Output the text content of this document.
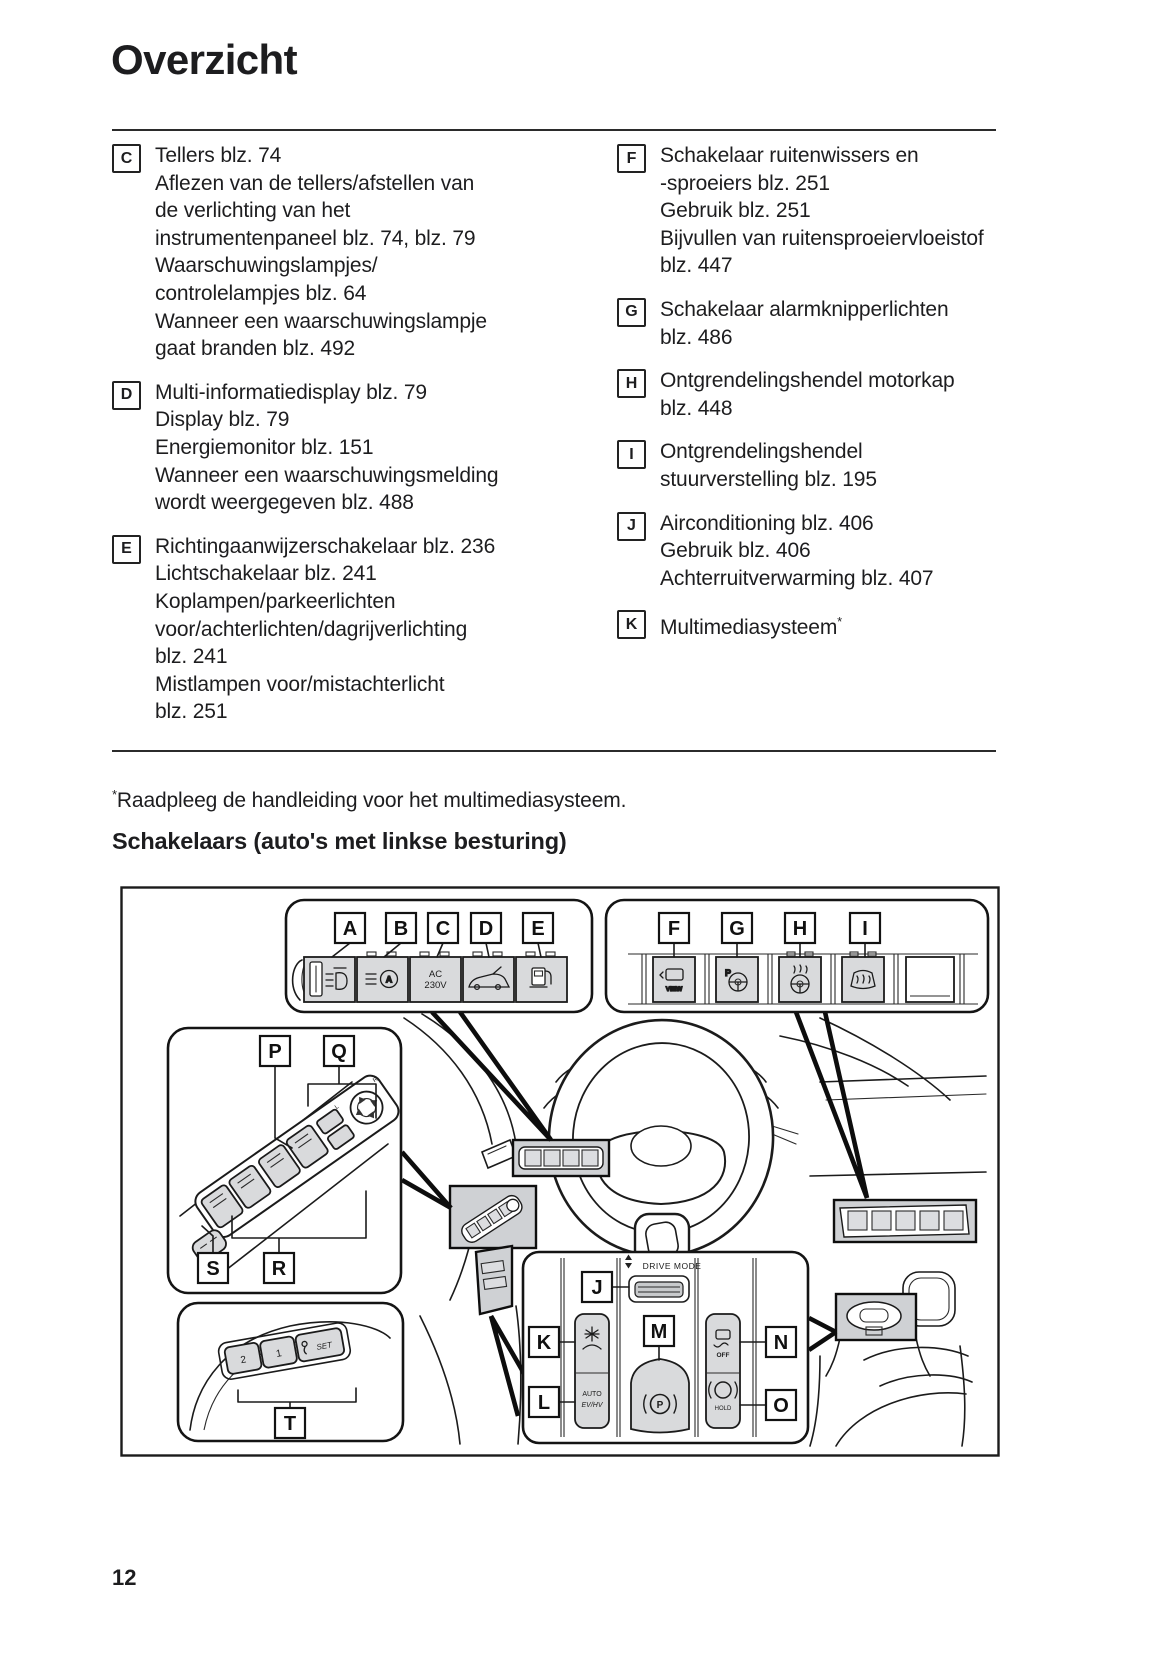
Overzicht
C	Tellers blz. 74
Aflezen van de tellers/afstellen van
de verlichting van het
instrumentenpaneel blz. 74, blz. 79
Waarschuwingslampjes/
controlelampjes blz. 64
Wanneer een waarschuwingslampje
gaat branden blz. 492
D	Multi-informatiedisplay blz. 79
Display blz. 79
Energiemonitor blz. 151
Wanneer een waarschuwingsmelding
wordt weergegeven blz. 488
E	Richtingaanwijzerschakelaar blz. 236
Lichtschakelaar blz. 241
Koplampen/parkeerlichten
voor/achterlichten/dagrijverlichting
blz. 241
Mistlampen voor/mistachterlicht
blz. 251
F	Schakelaar ruitenwissers en
-sproeiers blz. 251
Gebruik blz. 251
Bijvullen van ruitensproeiervloeistof
blz. 447
G	Schakelaar alarmknipperlichten
blz. 486
H	Ontgrendelingshendel motorkap
blz. 448
I	Ontgrendelingshendel
stuurverstelling blz. 195
J	Airconditioning blz. 406
Gebruik blz. 406
Achterruitverwarming blz. 407
K	Multimediasysteem*
*Raadpleeg de handleiding voor het multimediasysteem.
Schakelaars (auto's met linkse besturing)
A	AC
230V
A B C D E
VIEW
P
F G H	I
L
R
P Q
S	R
2
1
SET
T
DRIVE MODE
J
AUTO
EV/HV
K
L	P
M
OFF
HOLD
N
O
12
